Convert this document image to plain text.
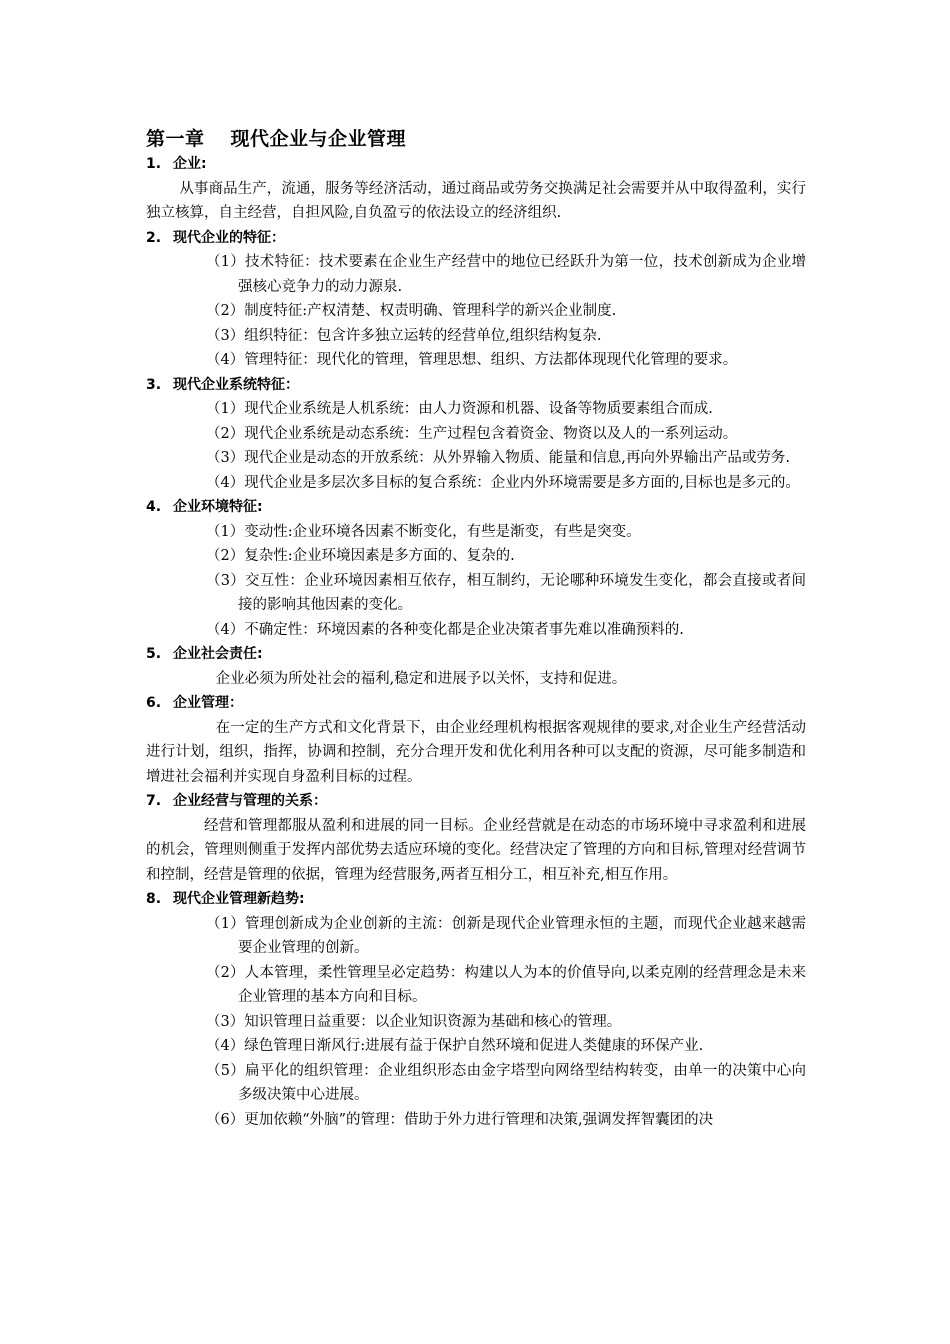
第一章 现代企业与企业管理
1. 企业:
从事商品生产，流通，服务等经济活动，通过商品或劳务交换满足社会需要并从中取得盈利，实行独立核算，自主经营，自担风险,自负盈亏的依法设立的经济组织.
2. 现代企业的特征：
（1）技术特征：技术要素在企业生产经营中的地位已经跃升为第一位，技术创新成为企业增强核心竞争力的动力源泉.
（2）制度特征:产权清楚、权责明确、管理科学的新兴企业制度.
（3）组织特征：包含许多独立运转的经营单位,组织结构复杂.
（4）管理特征：现代化的管理，管理思想、组织、方法都体现现代化管理的要求。
3. 现代企业系统特征：
（1）现代企业系统是人机系统：由人力资源和机器、设备等物质要素组合而成.
（2）现代企业系统是动态系统：生产过程包含着资金、物资以及人的一系列运动。
（3）现代企业是动态的开放系统：从外界输入物质、能量和信息,再向外界输出产品或劳务.
（4）现代企业是多层次多目标的复合系统：企业内外环境需要是多方面的,目标也是多元的。
4. 企业环境特征:
（1）变动性:企业环境各因素不断变化，有些是渐变，有些是突变。
（2）复杂性:企业环境因素是多方面的、复杂的.
（3）交互性：企业环境因素相互依存，相互制约，无论哪种环境发生变化，都会直接或者间接的影响其他因素的变化。
（4）不确定性：环境因素的各种变化都是企业决策者事先难以准确预料的.
5. 企业社会责任:
企业必须为所处社会的福利,稳定和进展予以关怀，支持和促进。
6. 企业管理：
在一定的生产方式和文化背景下，由企业经理机构根据客观规律的要求,对企业生产经营活动进行计划，组织，指挥，协调和控制，充分合理开发和优化利用各种可以支配的资源，尽可能多制造和增进社会福利并实现自身盈利目标的过程。
7. 企业经营与管理的关系：
经营和管理都服从盈利和进展的同一目标。企业经营就是在动态的市场环境中寻求盈利和进展的机会，管理则侧重于发挥内部优势去适应环境的变化。经营决定了管理的方向和目标,管理对经营调节和控制，经营是管理的依据，管理为经营服务,两者互相分工，相互补充,相互作用。
8. 现代企业管理新趋势:
（1）管理创新成为企业创新的主流：创新是现代企业管理永恒的主题，而现代企业越来越需要企业管理的创新。
（2）人本管理，柔性管理呈必定趋势：构建以人为本的价值导向,以柔克刚的经营理念是未来企业管理的基本方向和目标。
（3）知识管理日益重要：以企业知识资源为基础和核心的管理。
（4）绿色管理日渐风行:进展有益于保护自然环境和促进人类健康的环保产业.
（5）扁平化的组织管理：企业组织形态由金字塔型向网络型结构转变，由单一的决策中心向多级决策中心进展。
（6）更加依赖“外脑”的管理：借助于外力进行管理和决策,强调发挥智囊团的决
